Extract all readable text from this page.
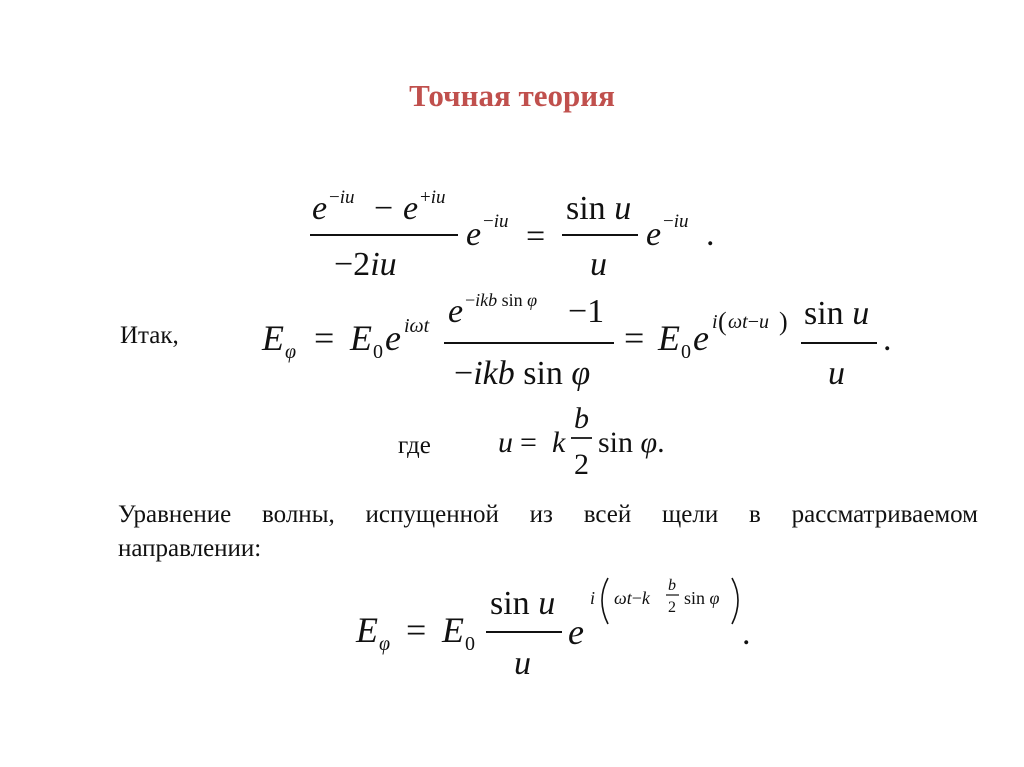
Точная теория
e −iu − e +iu
−2iu
e −iu =
sin u
u
e −iu .
Итак, E φ = E 0 e iωt e −ikb sin φ −1
−ikb sin φ
= E 0 e i ( ωt−u ) sin u
u
.
где u = k
b
2
sin φ.
Уравнение волны, испущенной из всей щели в рассматриваемом
направлении:
E φ = E 0
sin u
u
e
i ωt−k
b
2 sin φ
.
